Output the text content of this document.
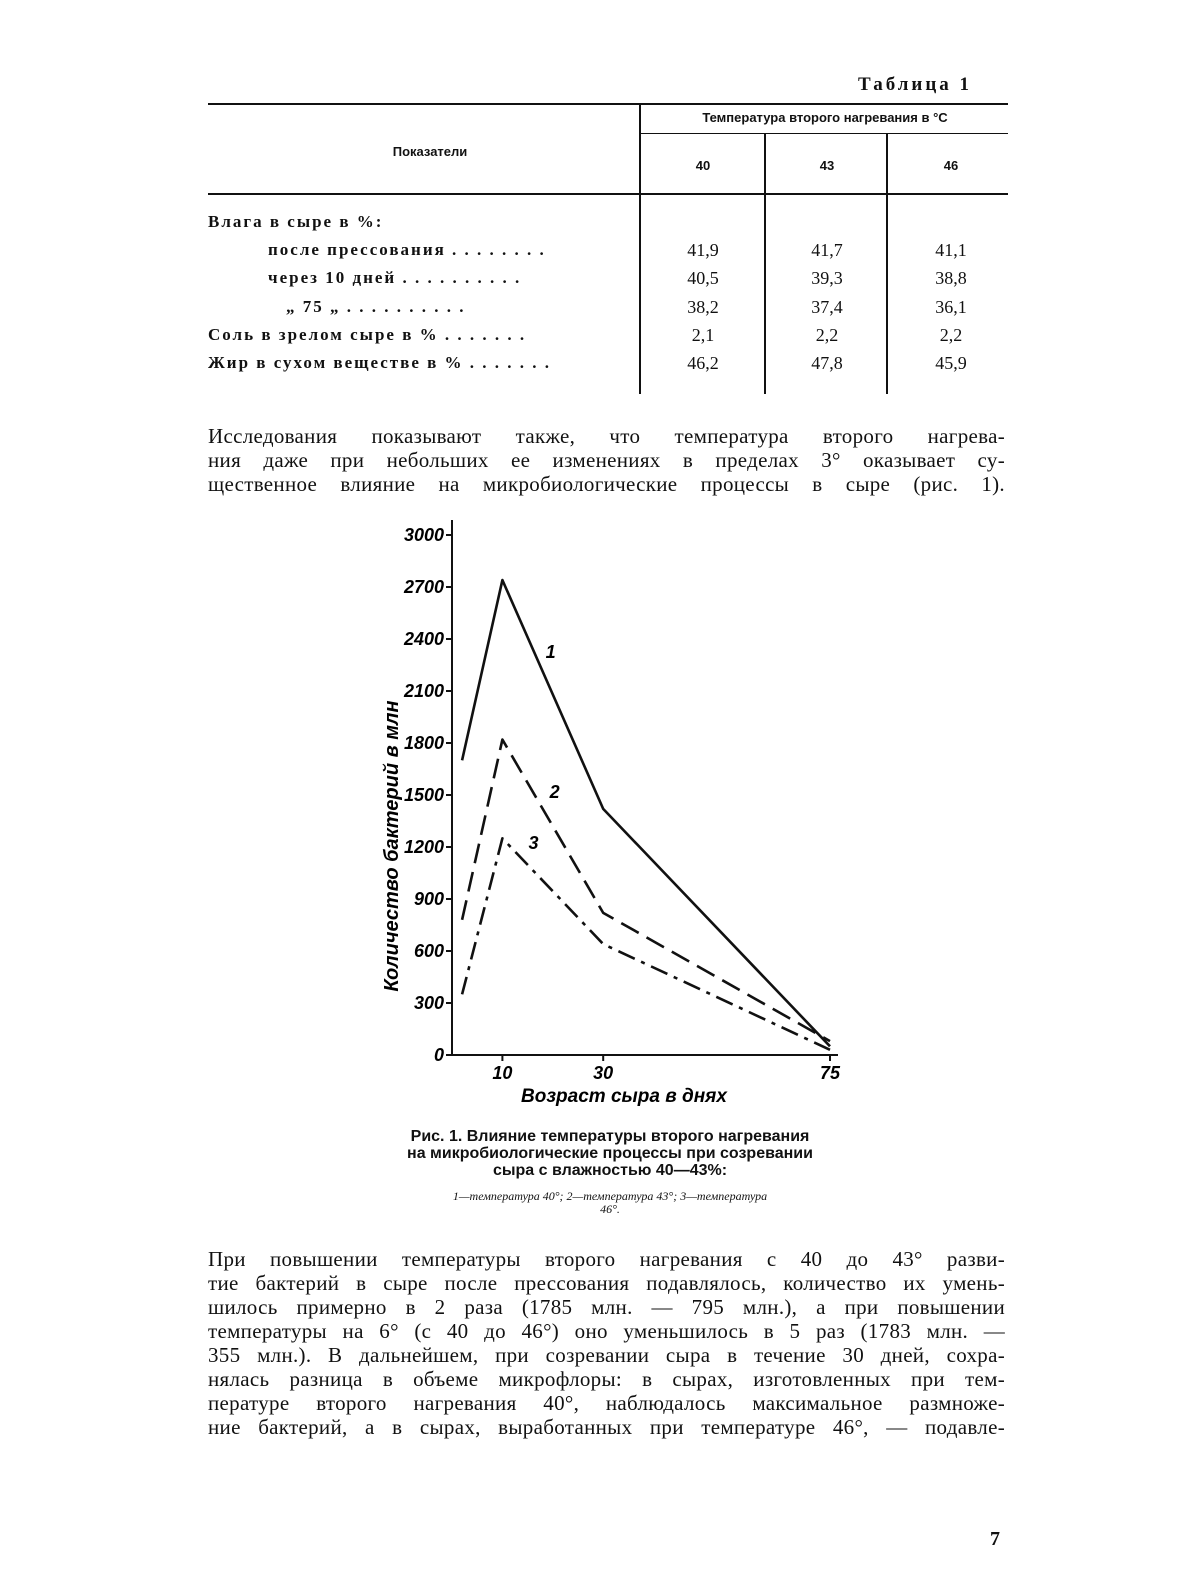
Таблица 1
Показатели
Температура второго нагревания в °С
40	43	46
Влага в сыре в %:
после прессования . . . . . . . .	41,9	41,7	41,1
через 10 дней . . . . . . . . . .	40,5	39,3	38,8
„ 75 „ . . . . . . . . . .	38,2	37,4	36,1
Соль в зрелом сыре в % . . . . . . .	2,1	2,2	2,2
Жир в сухом веществе в % . . . . . . .	46,2	47,8	45,9
Исследования показывают также, что температура второго нагрева-
ния даже при небольших ее изменениях в пределах 3° оказывает су-
щественное влияние на микробиологические процессы в сыре (рис. 1).
0
300
600
900
1200
1500
1800
2100
2400
2700
3000
10	30	75
1
2
3
Количество бактерий в млн
Возраст сыра в днях
Рис. 1. Влияние температуры второго нагревания
на микробиологические процессы при созревании
сыра с влажностью 40—43%:
1—температура 40°; 2—температура 43°; 3—температура
46°.
При повышении температуры второго нагревания с 40 до 43° разви-
тие бактерий в сыре после прессования подавлялось, количество их умень-
шилось примерно в 2 раза (1785 млн. — 795 млн.), а при повышении
температуры на 6° (с 40 до 46°) оно уменьшилось в 5 раз (1783 млн. —
355 млн.). В дальнейшем, при созревании сыра в течение 30 дней, сохра-
нялась разница в объеме микрофлоры: в сырах, изготовленных при тем-
пературе второго нагревания 40°, наблюдалось максимальное размноже-
ние бактерий, а в сырах, выработанных при температуре 46°, — подавле-
7
